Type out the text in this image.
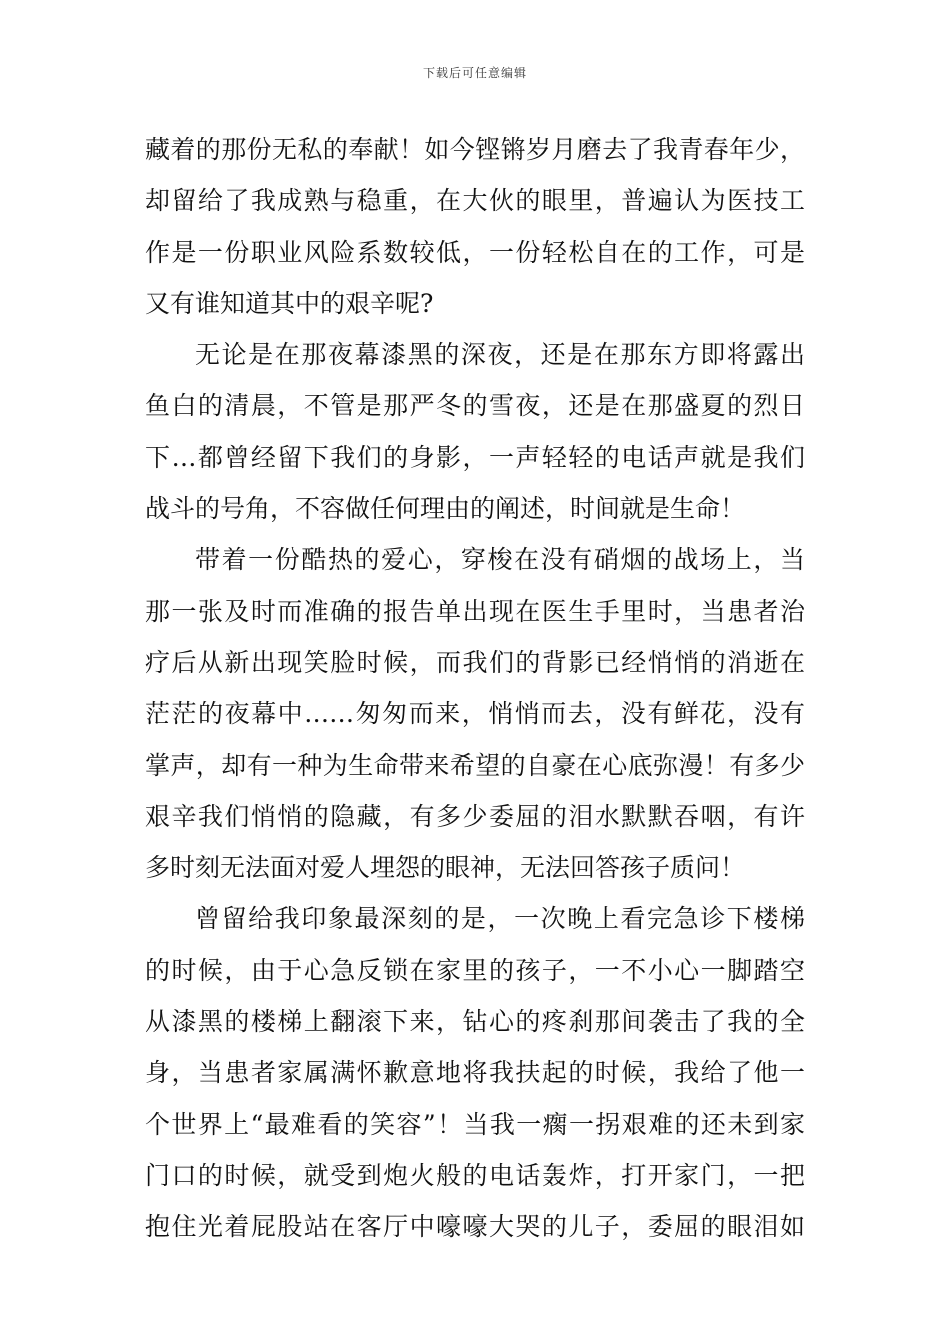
下载后可任意编辑
藏着的那份无私的奉献！如今铿锵岁月磨去了我青春年少，
却留给了我成熟与稳重，在大伙的眼里，普遍认为医技工
作是一份职业风险系数较低，一份轻松自在的工作，可是
又有谁知道其中的艰辛呢?
无论是在那夜幕漆黑的深夜，还是在那东方即将露出
鱼白的清晨，不管是那严冬的雪夜，还是在那盛夏的烈日
下…都曾经留下我们的身影，一声轻轻的电话声就是我们
战斗的号角，不容做任何理由的阐述，时间就是生命！
带着一份酷热的爱心，穿梭在没有硝烟的战场上，当
那一张及时而准确的报告单出现在医生手里时，当患者治
疗后从新出现笑脸时候，而我们的背影已经悄悄的消逝在
茫茫的夜幕中……匆匆而来，悄悄而去，没有鲜花，没有
掌声，却有一种为生命带来希望的自豪在心底弥漫！有多少
艰辛我们悄悄的隐藏，有多少委屈的泪水默默吞咽，有许
多时刻无法面对爱人埋怨的眼神，无法回答孩子质问！
曾留给我印象最深刻的是，一次晚上看完急诊下楼梯
的时候，由于心急反锁在家里的孩子，一不小心一脚踏空
从漆黑的楼梯上翻滚下来，钻心的疼刹那间袭击了我的全
身，当患者家属满怀歉意地将我扶起的时候，我给了他一
个世界上“最难看的笑容”！当我一瘸一拐艰难的还未到家
门口的时候，就受到炮火般的电话轰炸，打开家门，一把
抱住光着屁股站在客厅中嚎嚎大哭的儿子，委屈的眼泪如
